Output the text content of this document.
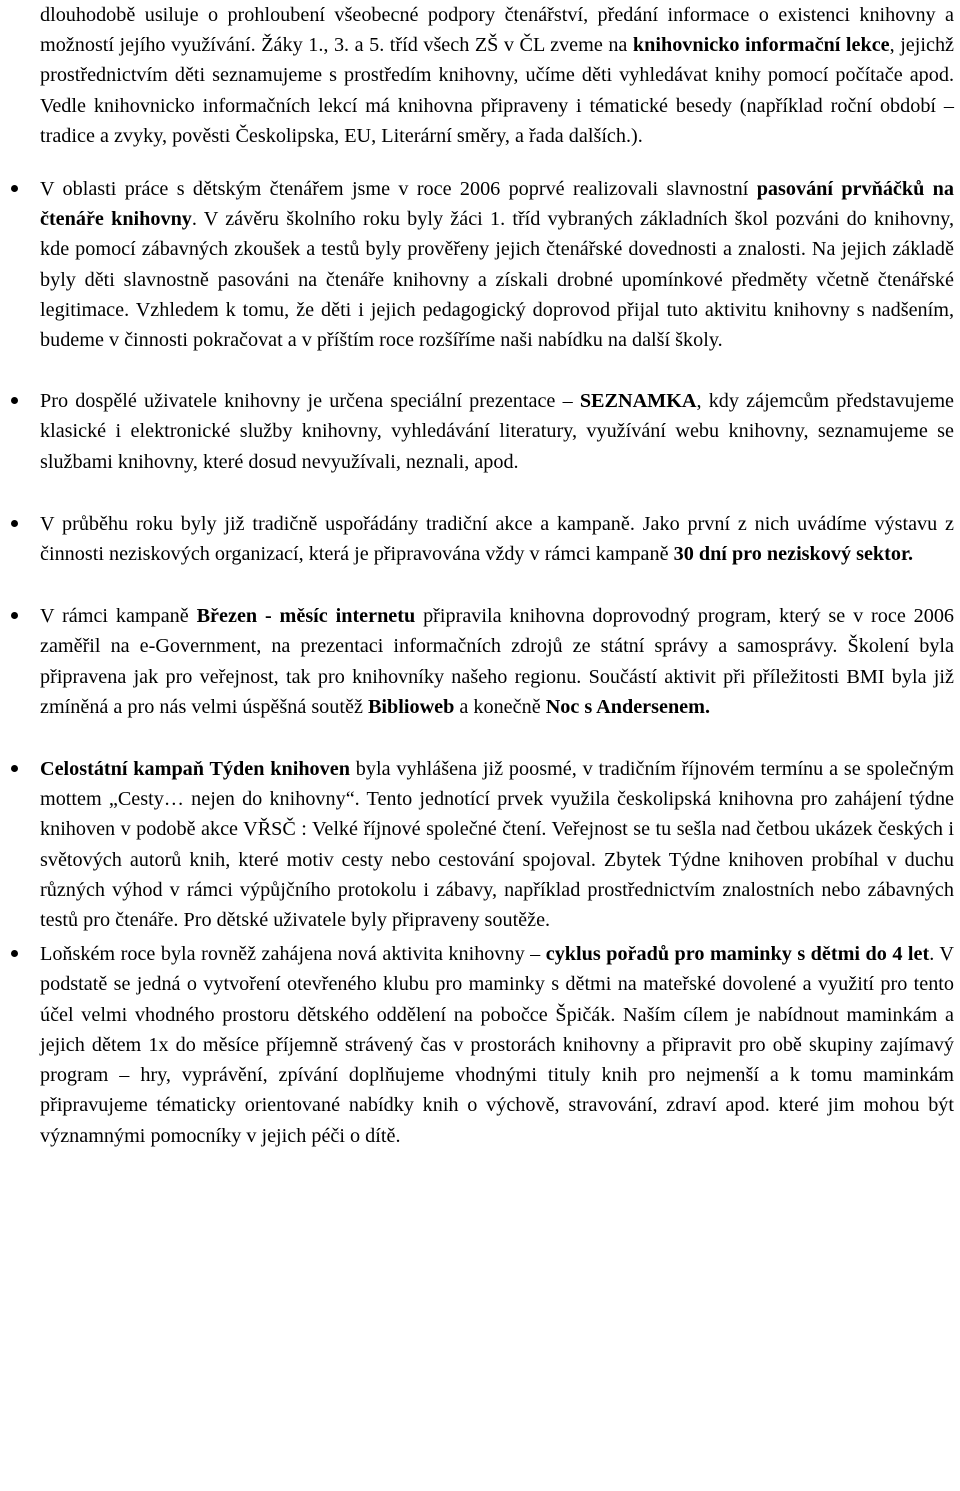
dlouhodobě usiluje o prohloubení všeobecné podpory čtenářství, předání informace o existenci knihovny a možností jejího využívání. Žáky 1., 3. a 5. tříd všech ZŠ v ČL zveme na knihovnicko informační lekce, jejichž prostřednictvím děti seznamujeme s prostředím knihovny, učíme děti vyhledávat knihy pomocí počítače apod. Vedle knihovnicko informačních lekcí má knihovna připraveny i tématické besedy (například roční období – tradice a zvyky, pověsti Českolipska, EU, Literární směry, a řada dalších.).

V oblasti práce s dětským čtenářem jsme v roce 2006 poprvé realizovali slavnostní pasování prvňáčků na čtenáře knihovny. V závěru školního roku byly žáci 1. tříd vybraných základních škol pozváni do knihovny, kde pomocí zábavných zkoušek a testů byly prověřeny jejich čtenářské dovednosti a znalosti. Na jejich základě byly děti slavnostně pasováni na čtenáře knihovny a získali drobné upomínkové předměty včetně čtenářské legitimace. Vzhledem k tomu, že děti i jejich pedagogický doprovod přijal tuto aktivitu knihovny s nadšením, budeme v činnosti pokračovat a v příštím roce rozšíříme naši nabídku na další školy.

Pro dospělé uživatele knihovny je určena speciální prezentace – SEZNAMKA, kdy zájemcům představujeme klasické i elektronické služby knihovny, vyhledávání literatury, využívání webu knihovny, seznamujeme se službami knihovny, které dosud nevyužívali, neznali, apod.

V průběhu roku byly již tradičně uspořádány tradiční akce a kampaně. Jako první z nich uvádíme výstavu z činnosti neziskových organizací, která je připravována vždy v rámci kampaně 30 dní pro neziskový sektor.

V rámci kampaně Březen - měsíc internetu připravila knihovna doprovodný program, který se v roce 2006 zaměřil na e-Government, na prezentaci informačních zdrojů ze státní správy a samosprávy. Školení byla připravena jak pro veřejnost, tak pro knihovníky našeho regionu. Součástí aktivit při příležitosti BMI byla již zmíněná a pro nás velmi úspěšná soutěž Biblioweb a konečně Noc s Andersenem.

Celostátní kampaň Týden knihoven byla vyhlášena již poosmé, v tradičním říjnovém termínu a se společným mottem „Cesty… nejen do knihovny“. Tento jednotící prvek využila českolipská knihovna pro zahájení týdne knihoven v podobě akce VŘSČ : Velké říjnové společné čtení. Veřejnost se tu sešla nad četbou ukázek českých i světových autorů knih, které motiv cesty nebo cestování spojoval. Zbytek Týdne knihoven probíhal v duchu různých výhod v rámci výpůjčního protokolu i zábavy, například prostřednictvím znalostních nebo zábavných testů pro čtenáře. Pro dětské uživatele byly připraveny soutěže.

Loňském roce byla rovněž zahájena nová aktivita knihovny – cyklus pořadů pro maminky s dětmi do 4 let. V podstatě se jedná o vytvoření otevřeného klubu pro maminky s dětmi na mateřské dovolené a využití pro tento účel velmi vhodného prostoru dětského oddělení na pobočce Špičák. Naším cílem je nabídnout maminkám a jejich dětem 1x do měsíce příjemně strávený čas v prostorách knihovny a připravit pro obě skupiny zajímavý program – hry, vyprávění, zpívání doplňujeme vhodnými tituly knih pro nejmenší a k tomu maminkám připravujeme tématicky orientované nabídky knih o výchově, stravování, zdraví apod. které jim mohou být významnými pomocníky v jejich péči o dítě.
